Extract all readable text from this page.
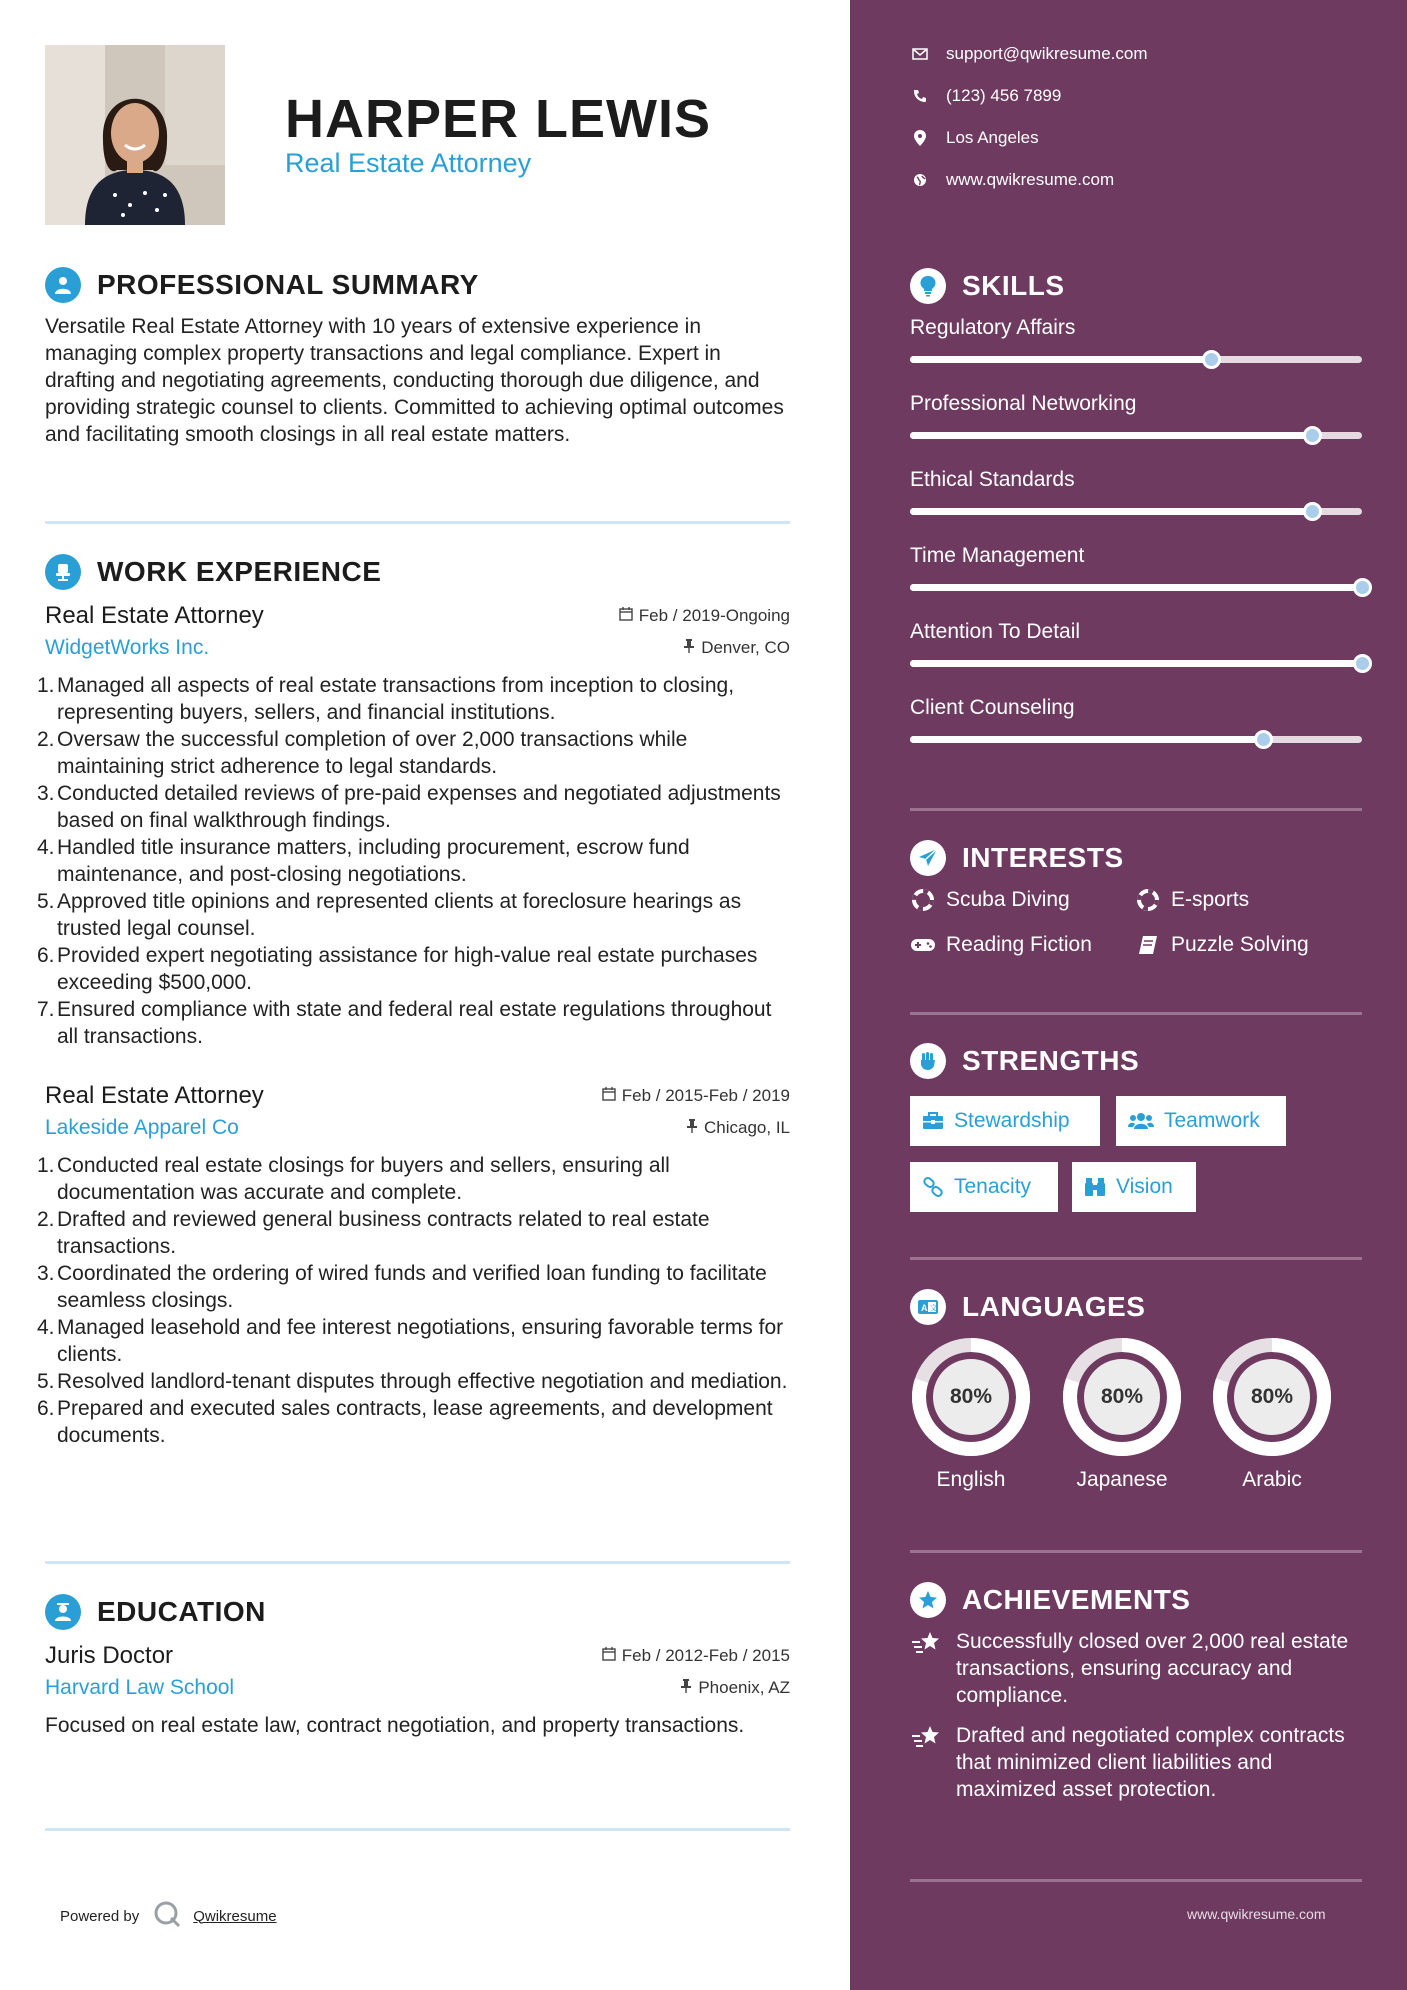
HARPER LEWIS
Real Estate Attorney
PROFESSIONAL SUMMARY
Versatile Real Estate Attorney with 10 years of extensive experience in managing complex property transactions and legal compliance. Expert in drafting and negotiating agreements, conducting thorough due diligence, and providing strategic counsel to clients. Committed to achieving optimal outcomes and facilitating smooth closings in all real estate matters.
WORK EXPERIENCE
Real Estate Attorney	Feb / 2019-Ongoing
WidgetWorks Inc.	Denver, CO
1. Managed all aspects of real estate transactions from inception to closing, representing buyers, sellers, and financial institutions.
2. Oversaw the successful completion of over 2,000 transactions while maintaining strict adherence to legal standards.
3. Conducted detailed reviews of pre-paid expenses and negotiated adjustments based on final walkthrough findings.
4. Handled title insurance matters, including procurement, escrow fund maintenance, and post-closing negotiations.
5. Approved title opinions and represented clients at foreclosure hearings as trusted legal counsel.
6. Provided expert negotiating assistance for high-value real estate purchases exceeding $500,000.
7. Ensured compliance with state and federal real estate regulations throughout all transactions.
Real Estate Attorney	Feb / 2015-Feb / 2019
Lakeside Apparel Co	Chicago, IL
1. Conducted real estate closings for buyers and sellers, ensuring all documentation was accurate and complete.
2. Drafted and reviewed general business contracts related to real estate transactions.
3. Coordinated the ordering of wired funds and verified loan funding to facilitate seamless closings.
4. Managed leasehold and fee interest negotiations, ensuring favorable terms for clients.
5. Resolved landlord-tenant disputes through effective negotiation and mediation.
6. Prepared and executed sales contracts, lease agreements, and development documents.
EDUCATION
Juris Doctor	Feb / 2012-Feb / 2015
Harvard Law School	Phoenix, AZ
Focused on real estate law, contract negotiation, and property transactions.
Powered by	Qwikresume
support@qwikresume.com
(123) 456 7899
Los Angeles
www.qwikresume.com
SKILLS
Regulatory Affairs
Professional Networking
Ethical Standards
Time Management
Attention To Detail
Client Counseling
INTERESTS
Scuba Diving	E-sports
Reading Fiction	Puzzle Solving
STRENGTHS
Stewardship	Teamwork
Tenacity	Vision
A 文 LANGUAGES
80%
English
80%
Japanese
80%
Arabic
ACHIEVEMENTS
Successfully closed over 2,000 real estate transactions, ensuring accuracy and compliance.
Drafted and negotiated complex contracts that minimized client liabilities and maximized asset protection.
www.qwikresume.com
